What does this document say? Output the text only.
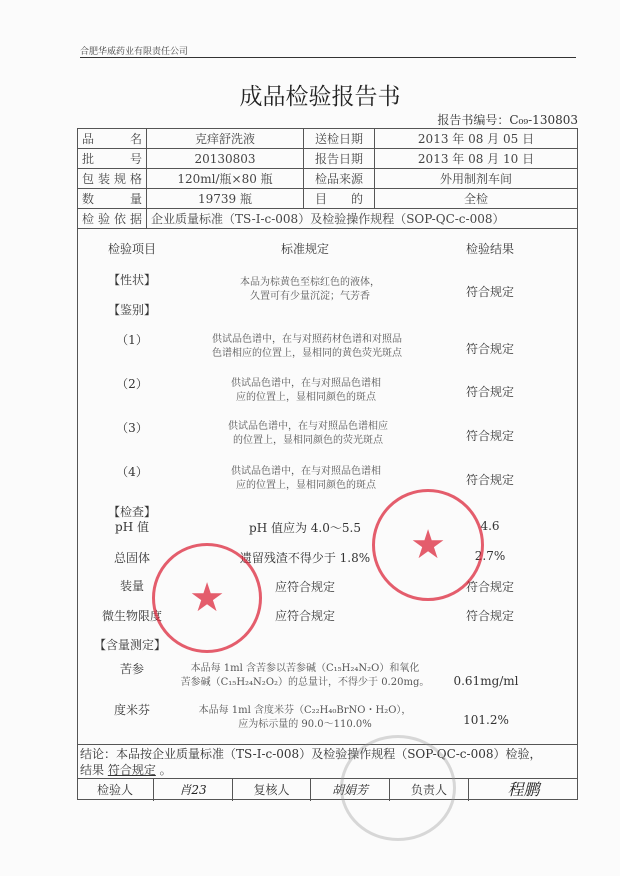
合肥华威药业有限责任公司
成品检验报告书
报告书编号：C₀₉-130803
品名	克痒舒洗液	送检日期	2013 年 08 月 05 日
批号	20130803	报告日期	2013 年 08 月 10 日
包装规格	120ml/瓶×80 瓶	检品来源	外用制剂车间
数量	19739 瓶	目　　的	全检
检验依据	企业质量标准（TS-I-c-008）及检验操作规程（SOP-QC-c-008）		
检验项目	标准规定	检验结果
【性状】	本品为棕黄色至棕红色的液体，
久置可有少量沉淀；气芳香	符合规定
【鉴别】
（1）	供试品色谱中，在与对照药材色谱和对照品
色谱相应的位置上，显相同的黄色荧光斑点	符合规定
（2）	供试品色谱中，在与对照品色谱相
应的位置上，显相同颜色的斑点	符合规定
（3）	供试品色谱中，在与对照品色谱相应
的位置上，显相同颜色的荧光斑点	符合规定
（4）	供试品色谱中，在与对照品色谱相
应的位置上，显相同颜色的斑点	符合规定
【检查】
pH 值	pH 值应为 4.0～5.5	4.6
总固体	遗留残渣不得少于 1.8%	2.7%
装量	应符合规定	符合规定
微生物限度	应符合规定	符合规定
【含量测定】
苦参	本品每 1ml 含苦参以苦参碱（C₁₅H₂₄N₂O）和氧化
苦参碱（C₁₅H₂₄N₂O₂）的总量计，不得少于 0.20mg。 0.61mg/ml
度米芬	本品每 1ml 含度米芬（C₂₂H₄₀BrNO・H₂O），
应为标示量的 90.0～110.0%	101.2%
结论：本品按企业质量标准（TS-I-c-008）及检验操作规程（SOP-QC-c-008）检验，
结果 符合规定 。
检验人	肖23	复核人	胡娟芳	负责人	程鹏
★
★
